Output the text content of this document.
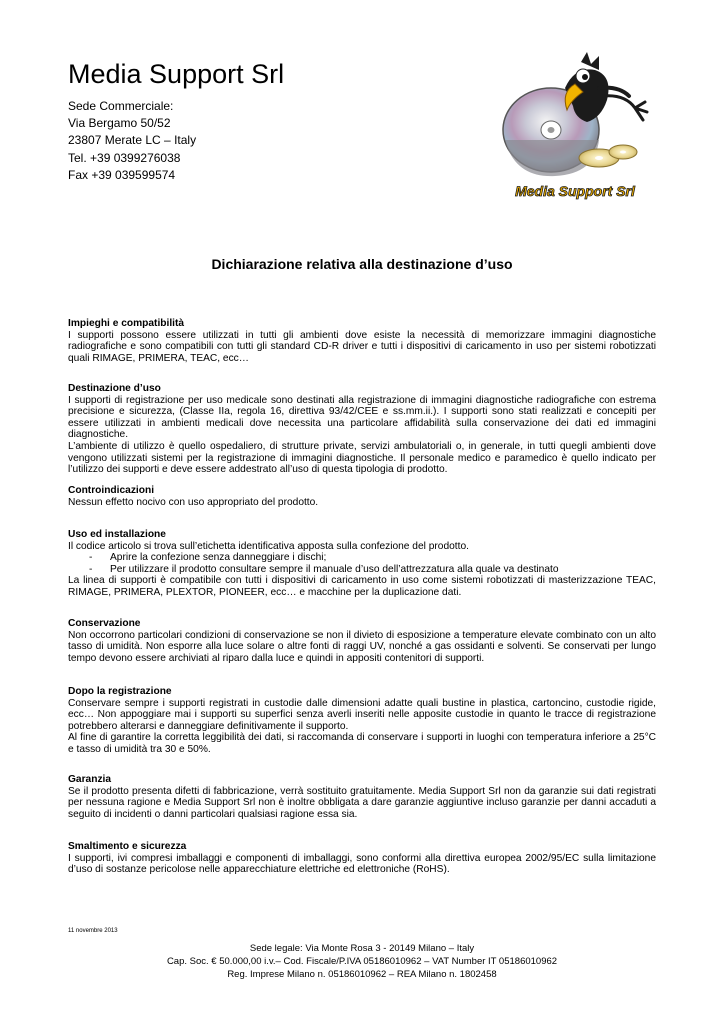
Media Support Srl
Sede Commerciale:
Via Bergamo 50/52
23807 Merate LC – Italy
Tel. +39 0399276038
Fax +39 039599574
Media Support Srl
Dichiarazione relativa alla destinazione d’uso
Impieghi e compatibilità

I supporti possono essere utilizzati in tutti gli ambienti dove esiste la necessità di memorizzare immagini diagnostiche radiografiche e sono compatibili con tutti gli standard CD-R driver e tutti i dispositivi di caricamento in uso per sistemi robotizzati quali RIMAGE, PRIMERA, TEAC, ecc…

Destinazione d’uso

I supporti di registrazione per uso medicale sono destinati alla registrazione di immagini diagnostiche radiografiche con estrema precisione e sicurezza, (Classe IIa, regola 16, direttiva 93/42/CEE e ss.mm.ii.). I supporti sono stati realizzati e concepiti per essere utilizzati in ambienti medicali dove necessita una particolare affidabilità sulla conservazione dei dati ed immagini diagnostiche.

L’ambiente di utilizzo è quello ospedaliero, di strutture private, servizi ambulatoriali o, in generale, in tutti quegli ambienti dove vengono utilizzati sistemi per la registrazione di immagini diagnostiche. Il personale medico e paramedico è quello indicato per l’utilizzo dei supporti e deve essere addestrato all’uso di questa tipologia di prodotto.

Controindicazioni

Nessun effetto nocivo con uso appropriato del prodotto.

Uso ed installazione

Il codice articolo si trova sull’etichetta identificativa apposta sulla confezione del prodotto.

-	Aprire la confezione senza danneggiare i dischi;
-	Per utilizzare il prodotto consultare sempre il manuale d’uso dell’attrezzatura alla quale va destinato

La linea di supporti è compatibile con tutti i dispositivi di caricamento in uso come sistemi robotizzati di masterizzazione TEAC, RIMAGE, PRIMERA, PLEXTOR, PIONEER, ecc… e macchine per la duplicazione dati.

Conservazione

Non occorrono particolari condizioni di conservazione se non il divieto di esposizione a temperature elevate combinato con un alto tasso di umidità. Non esporre alla luce solare o altre fonti di raggi UV, nonché a gas ossidanti e solventi. Se conservati per lungo tempo devono essere archiviati al riparo dalla luce e quindi in appositi contenitori di supporti.

Dopo la registrazione

Conservare sempre i supporti registrati in custodie dalle dimensioni adatte quali bustine in plastica, cartoncino, custodie rigide, ecc… Non appoggiare mai i supporti su superfici senza averli inseriti nelle apposite custodie in quanto le tracce di registrazione potrebbero alterarsi e danneggiare definitivamente il supporto.

Al fine di garantire la corretta leggibilità dei dati, si raccomanda di conservare i supporti in luoghi con temperatura inferiore a 25°C e tasso di umidità tra 30 e 50%.

Garanzia

Se il prodotto presenta difetti di fabbricazione, verrà sostituito gratuitamente. Media Support Srl non da garanzie sui dati registrati per nessuna ragione e Media Support Srl non è inoltre obbligata a dare garanzie aggiuntive incluso garanzie per danni accaduti a seguito di incidenti o danni particolari qualsiasi ragione essa sia.

Smaltimento e sicurezza

I supporti, ivi compresi imballaggi e componenti di imballaggi, sono conformi alla direttiva europea 2002/95/EC sulla limitazione d’uso di sostanze pericolose nelle apparecchiature elettriche ed elettroniche (RoHS).

11 novembre 2013
Sede legale: Via Monte Rosa 3 - 20149 Milano – Italy
Cap. Soc. € 50.000,00 i.v.– Cod. Fiscale/P.IVA 05186010962 – VAT Number IT 05186010962
Reg. Imprese Milano n. 05186010962 – REA Milano n. 1802458
